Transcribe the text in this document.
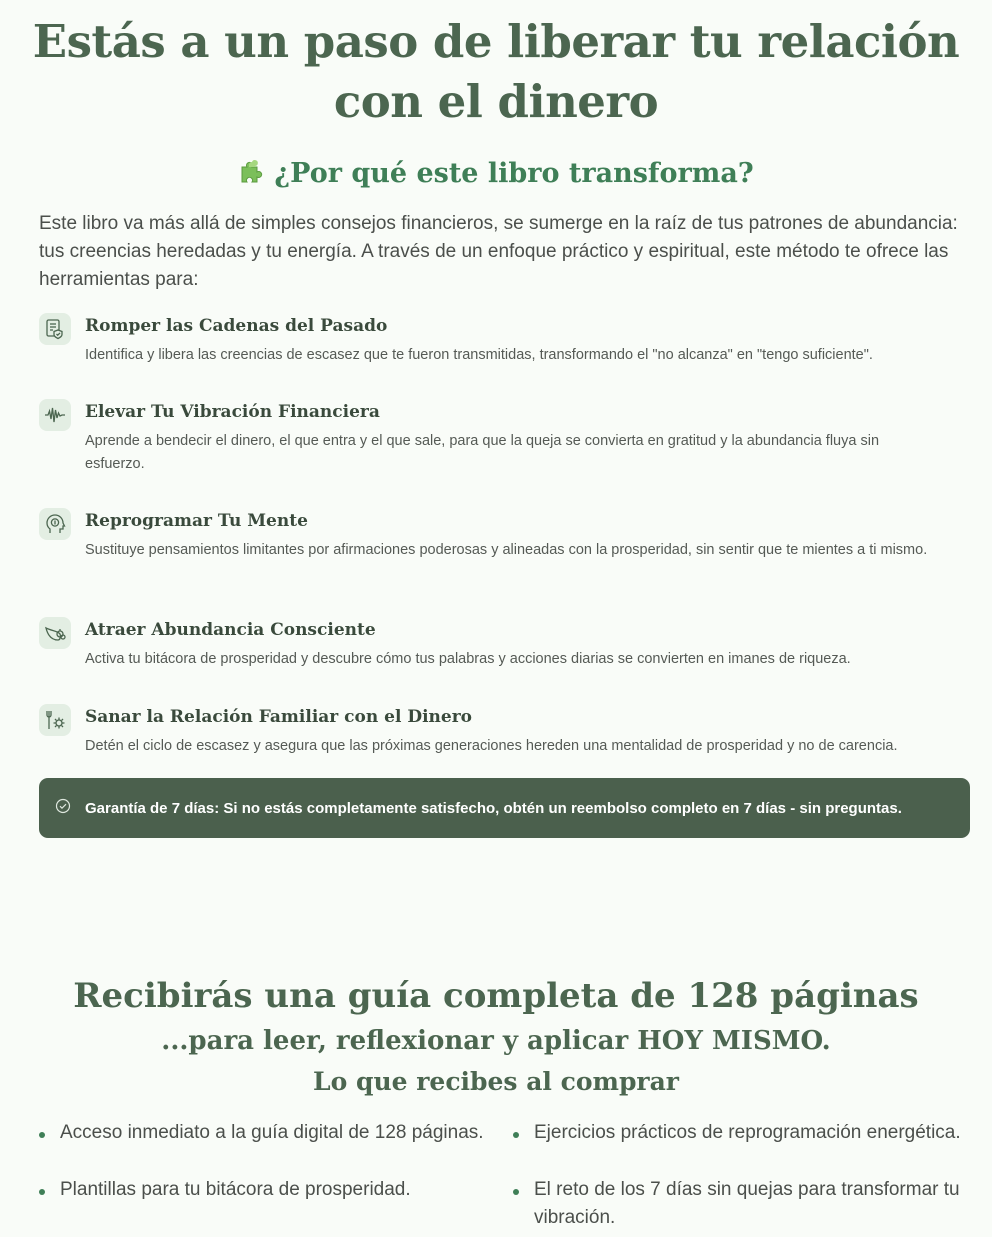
Estás a un paso de liberar tu relación con el dinero
¿Por qué este libro transforma?

Este libro va más allá de simples consejos financieros, se sumerge en la raíz de tus patrones de abundancia: tus creencias heredadas y tu energía. A través de un enfoque práctico y espiritual, este método te ofrece las herramientas para:

Romper las Cadenas del Pasado
Identifica y libera las creencias de escasez que te fueron transmitidas, transformando el "no alcanza" en "tengo suficiente".
Elevar Tu Vibración Financiera
Aprende a bendecir el dinero, el que entra y el que sale, para que la queja se convierta en gratitud y la abundancia fluya sin esfuerzo.
Reprogramar Tu Mente
Sustituye pensamientos limitantes por afirmaciones poderosas y alineadas con la prosperidad, sin sentir que te mientes a ti mismo.
Atraer Abundancia Consciente
Activa tu bitácora de prosperidad y descubre cómo tus palabras y acciones diarias se convierten en imanes de riqueza.
Sanar la Relación Familiar con el Dinero
Detén el ciclo de escasez y asegura que las próximas generaciones hereden una mentalidad de prosperidad y no de carencia.
Garantía de 7 días: Si no estás completamente satisfecho, obtén un reembolso completo en 7 días - sin preguntas.
Recibirás una guía completa de 128 páginas
...para leer, reflexionar y aplicar HOY MISMO.
Lo que recibes al comprar
Acceso inmediato a la guía digital de 128 páginas.	Ejercicios prácticos de reprogramación energética.
Plantillas para tu bitácora de prosperidad.	El reto de los 7 días sin quejas para transformar tu vibración.
